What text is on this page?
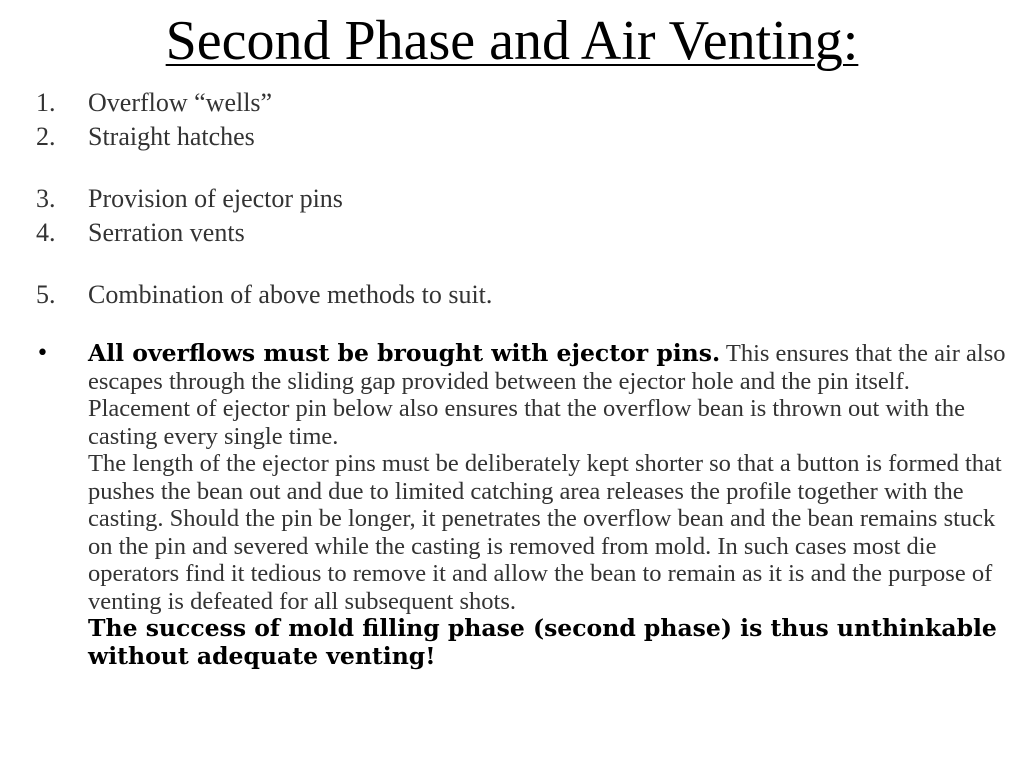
Second Phase and Air Venting:
1.	Overflow “wells”
2.	Straight hatches
3.	Provision of ejector pins
4.	Serration vents
5.	Combination of above methods to suit.
•	All overflows must be brought with ejector pins. This ensures that the air also escapes through the sliding gap provided between the ejector hole and the pin itself. Placement of ejector pin below also ensures that the overflow bean is thrown out with the casting every single time.

The length of the ejector pins must be deliberately kept shorter so that a button is formed that pushes the bean out and due to limited catching area releases the profile together with the casting. Should the pin be longer, it penetrates the overflow bean and the bean remains stuck on the pin and severed while the casting is removed from mold. In such cases most die operators find it tedious to remove it and allow the bean to remain as it is and the purpose of venting is defeated for all subsequent shots.

The success of mold filling phase (second phase) is thus unthinkable without adequate venting!
